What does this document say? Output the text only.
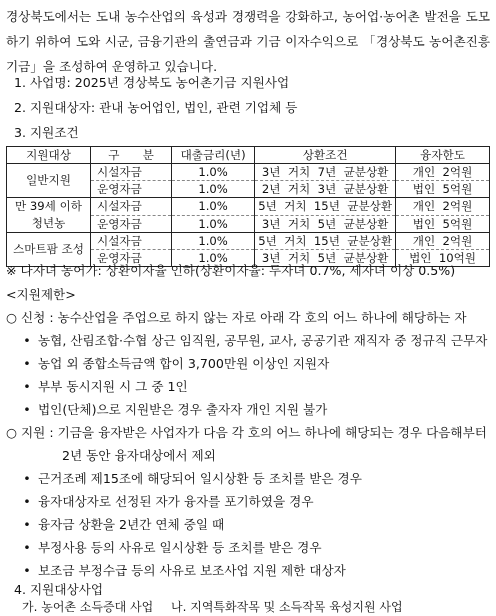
경상북도에서는 도내 농수산업의 육성과 경쟁력을 강화하고, 농어업·농어촌 발전을 도모하기 위하여 도와 시군, 금융기관의 출연금과 기금 이자수익으로 「경상북도 농어촌진흥기금」을 조성하여 운영하고 있습니다.

1. 사업명: 2025년 경상북도 농어촌기금 지원사업
2. 지원대상자: 관내 농어업인, 법인, 관련 기업체 등
3. 지원조건
지원대상	구　　분	대출금리(년)	상환조건	융자한도
일반지원	시설자금	1.0%	3년  거치  7년  균분상환	개인  2억원
	운영자금	1.0%	2년  거치  3년  균분상환	법인  5억원
만 39세 이하
청년농	시설자금	1.0%	5년  거치  15년  균분상환	개인  2억원
	운영자금	1.0%	3년  거치  5년  균분상환	법인  5억원
스마트팜 조성	시설자금	1.0%	5년  거치  15년  균분상환	개인  2억원
	운영자금	1.0%	3년  거치  5년  균분상환	법인  10억원
※ 다자녀 농어가: 상환이자율 인하(상환이자율: 두자녀 0.7%, 세자녀 이상 0.5%)
<지원제한>
○ 신청 : 농수산업을 주업으로 하지 않는 자로 아래 각 호의 어느 하나에 해당하는 자
• 농협, 산림조합·수협 상근 임직원, 공무원, 교사, 공공기관 재직자 중 정규직 근무자
• 농업 외 종합소득금액 합이 3,700만원 이상인 지원자
• 부부 동시지원 시 그 중 1인
• 법인(단체)으로 지원받은 경우 출자자 개인 지원 불가
○ 지원 : 기금을 융자받은 사업자가 다음 각 호의 어느 하나에 해당되는 경우 다음해부터
2년 동안 융자대상에서 제외
• 근거조례 제15조에 해당되어 일시상환 등 조치를 받은 경우
• 융자대상자로 선정된 자가 융자를 포기하였을 경우
• 융자금 상환을 2년간 연체 중일 때
• 부정사용 등의 사유로 일시상환 등 조치를 받은 경우
• 보조금 부정수급 등의 사유로 보조사업 지원 제한 대상자
4. 지원대상사업
가. 농어촌 소득증대 사업 나. 지역특화작목 및 소득작목 육성지원 사업
